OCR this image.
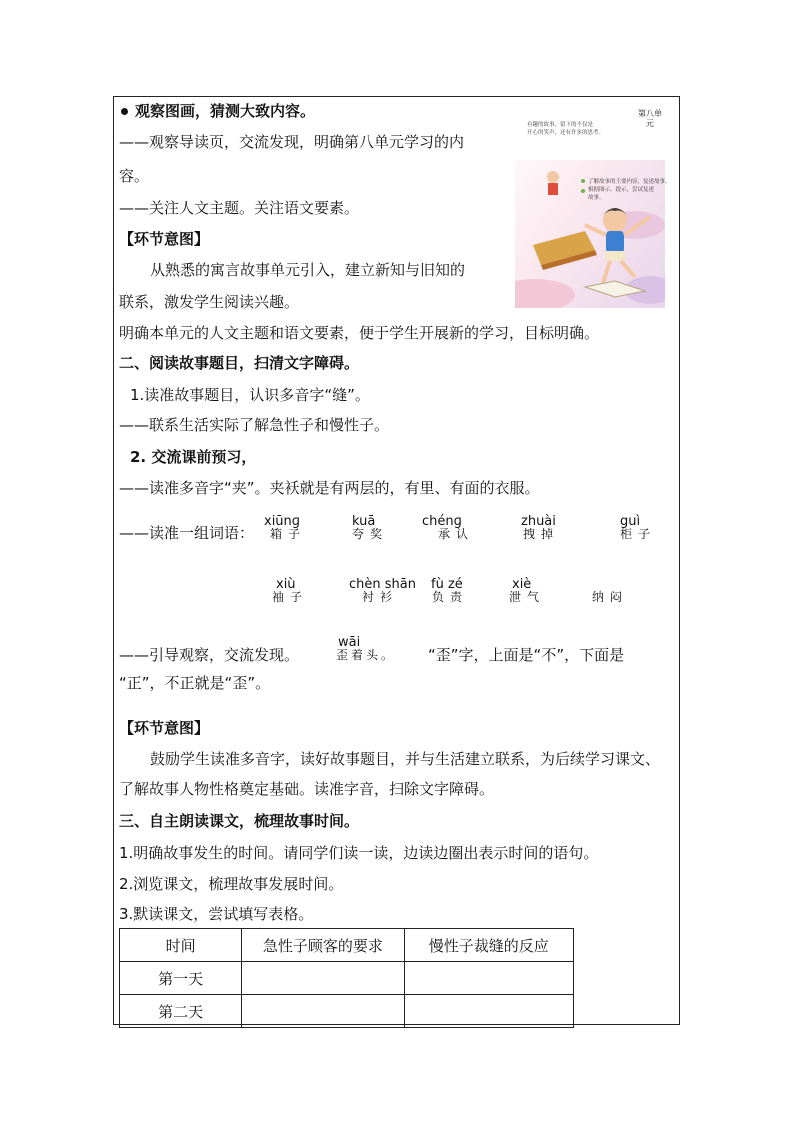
观察图画，猜测大致内容。
——观察导读页，交流发现，明确第八单元学习的内
容。
——关注人文主题。关注语文要素。
【环节意图】
从熟悉的寓言故事单元引入，建立新知与旧知的
联系，激发学生阅读兴趣。
明确本单元的人文主题和语文要素，便于学生开展新的学习，目标明确。
有趣的故事，留下的不仅是
开心的笑声，还有许多的思考。
了解故事的主要内容，复述故事。
根据图示、提示，尝试复述
故事。
第八单元
二、阅读故事题目，扫清文字障碍。
1.读准故事题目，认识多音字“缝”。
——联系生活实际了解急性子和慢性子。
2. 交流课前预习，
——读准多音字“夹”。夹袄就是有两层的，有里、有面的衣服。
——读准一组词语：
xiūnɡ
箱子
kuā
夸奖
chénɡ
承认
zhuài
拽掉
guì
柜子
xiù
袖子
chèn shān
衬衫
fù zé
负责
xiè
泄气	纳闷
——引导观察，交流发现。
wāi
歪着头。 “歪”字，上面是“不”，下面是
“正”，不正就是“歪”。
【环节意图】
鼓励学生读准多音字，读好故事题目，并与生活建立联系，为后续学习课文、
了解故事人物性格奠定基础。读准字音，扫除文字障碍。
三、自主朗读课文，梳理故事时间。
1.明确故事发生的时间。请同学们读一读，边读边圈出表示时间的语句。
2.浏览课文，梳理故事发展时间。
3.默读课文，尝试填写表格。
时间	急性子顾客的要求	慢性子裁缝的反应
第一天		
第二天		
